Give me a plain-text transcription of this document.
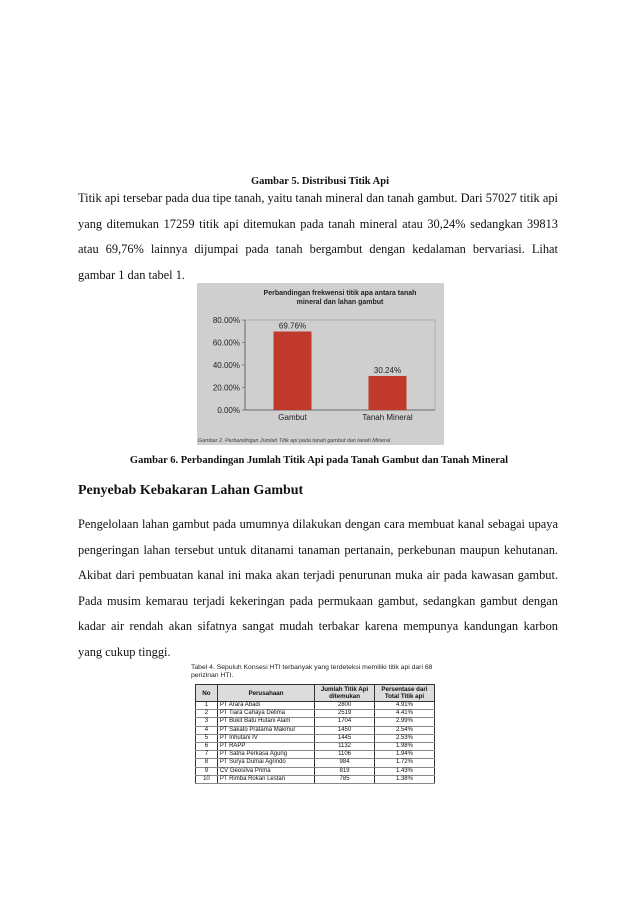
Gambar 5. Distribusi Titik Api

Titik api tersebar pada dua tipe tanah, yaitu tanah mineral dan tanah gambut. Dari 57027 titik api yang ditemukan 17259 titik api ditemukan pada tanah mineral atau 30,24% sedangkan 39813 atau 69,76% lainnya dijumpai pada tanah bergambut dengan kedalaman bervariasi. Lihat gambar 1 dan tabel 1.

Perbandingan frekwensi titik apa antara tanah
mineral dan lahan gambut
0.00%
20.00%
40.00%
60.00%
80.00%
69.76%
Gambut
30.24%
Tanah Mineral
Gambar 2. Perbandingan Jumlah Titik api pada tanah gambut dan tanah Mineral
Gambar 6. Perbandingan Jumlah Titik Api pada Tanah Gambut dan Tanah Mineral
Penyebab Kebakaran Lahan Gambut

Pengelolaan lahan gambut pada umumnya dilakukan dengan cara membuat kanal sebagai upaya pengeringan lahan tersebut untuk ditanami tanaman pertanain, perkebunan maupun kehutanan. Akibat dari pembuatan kanal ini maka akan terjadi penurunan muka air pada kawasan gambut. Pada musim kemarau terjadi kekeringan pada permukaan gambut, sedangkan gambut dengan kadar air rendah akan sifatnya sangat mudah terbakar karena mempunya kandungan karbon yang cukup tinggi.

Tabel 4. Sepuluh Konsesi HTI terbanyak yang terdeteksi memiliki titik api dari 68 perizinan HTI.
No	Perusahaan	Jumlah Titik Api ditemukan	Persentase dari Total Titik api
1	PT Arara Abadi	2800	4.91%
2	PT Tiara Cahaya Delima	2519	4.41%
3	PT Bukit Batu Hutani Alam	1704	2.99%
4	PT Sakato Pratama Makmur	1450	2.54%
5	PT Inhutani IV	1445	2.53%
6	PT RAPP	1132	1.98%
7	PT Satria Perkasa Agung	1106	1.94%
8	PT Surya Dumai Agrindo	984	1.72%
9	CV Geosilva Prima	819	1.43%
10	PT Rimba Rokan Lestari	785	1.38%
